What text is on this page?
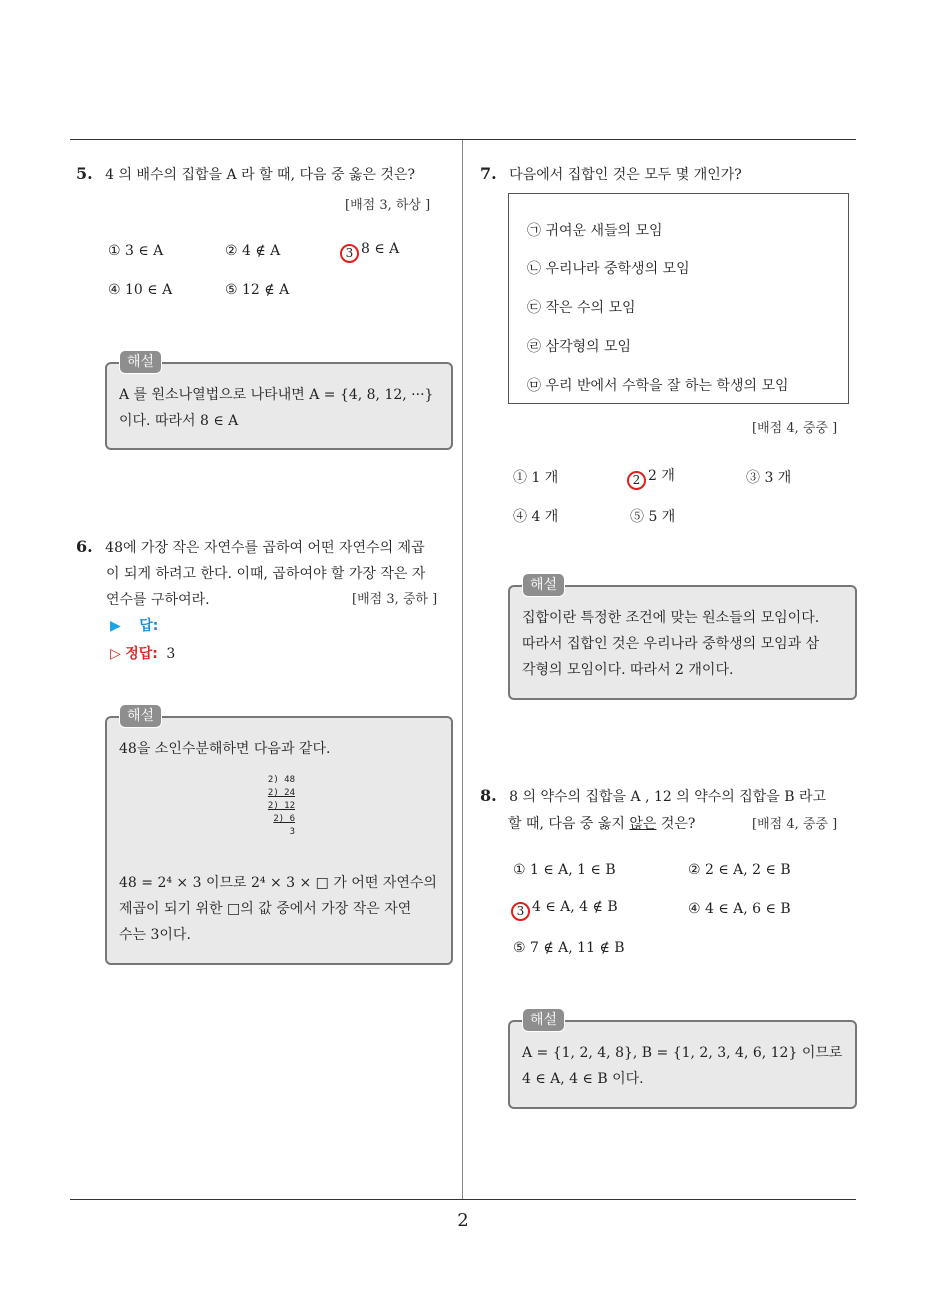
5. 4 의 배수의 집합을 A 라 할 때, 다음 중 옳은 것은?
[배점 3, 하상 ]
① 3 ∈ A	② 4 ∉ A	3 8 ∈ A
④ 10 ∈ A	⑤ 12 ∉ A
해설
A 를 원소나열법으로 나타내면 A = {4, 8, 12, ···}
이다. 따라서 8 ∈ A
6. 48에 가장 작은 자연수를 곱하여 어떤 자연수의 제곱
이 되게 하려고 한다. 이때, 곱하여야 할 가장 작은 자
연수를 구하여라.	[배점 3, 중하 ]
▶ 답:
▷ 정답: 3
해설
48을 소인수분해하면 다음과 같다.
2) 48
2) 24
2) 12
2) 6
3
48 = 2⁴ × 3 이므로 2⁴ × 3 × □ 가 어떤 자연수의
제곱이 되기 위한 □의 값 중에서 가장 작은 자연
수는 3이다.
7. 다음에서 집합인 것은 모두 몇 개인가?
㉠ 귀여운 새들의 모임
㉡ 우리나라 중학생의 모임
㉢ 작은 수의 모임
㉣ 삼각형의 모임
㉤ 우리 반에서 수학을 잘 하는 학생의 모임
[배점 4, 중중 ]
① 1 개	2 2 개	③ 3 개
④ 4 개	⑤ 5 개
해설
집합이란 특정한 조건에 맞는 원소들의 모임이다.
따라서 집합인 것은 우리나라 중학생의 모임과 삼
각형의 모임이다. 따라서 2 개이다.
8. 8 의 약수의 집합을 A , 12 의 약수의 집합을 B 라고
할 때, 다음 중 옳지 않은 것은?	[배점 4, 중중 ]
① 1 ∈ A, 1 ∈ B	② 2 ∈ A, 2 ∈ B
3 4 ∈ A, 4 ∉ B	④ 4 ∈ A, 6 ∈ B
⑤ 7 ∉ A, 11 ∉ B
해설
A = {1, 2, 4, 8}, B = {1, 2, 3, 4, 6, 12} 이므로
4 ∈ A, 4 ∈ B 이다.
2
